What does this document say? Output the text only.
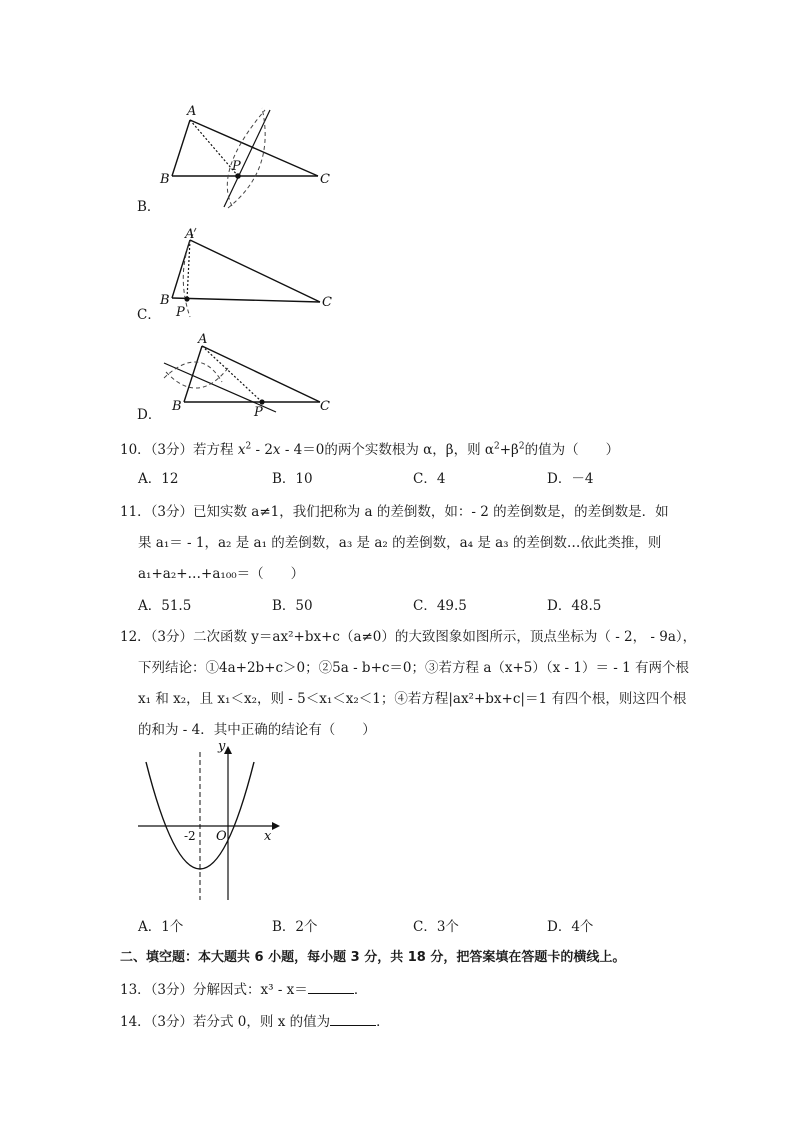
A
B	C
P
B．
A
B	C
P
C．
A
B	C
P
D．
10．（3分）若方程 $x^2 - 2x - 4=0$的两个实数根为 α，β，则 $\alpha^2+\beta^2$的值为（　　）
A．12	B．10	C．4	D．－4
11．（3分）已知实数 a≠1，我们把称为 a 的差倒数，如：- 2 的差倒数是，的差倒数是．如
果 a₁＝ - 1，a₂ 是 a₁ 的差倒数，a₃ 是 a₂ 的差倒数，a₄ 是 a₃ 的差倒数…依此类推，则
a₁+a₂+…+a₁₀₀＝（　　）
A．51.5	B．50	C．49.5	D．48.5
12．（3分）二次函数 y＝ax²+bx+c（a≠0）的大致图象如图所示，顶点坐标为（ - 2， - 9a），
下列结论：①4a+2b+c＞0；②5a - b+c＝0；③若方程 a（x+5）（x - 1）＝ - 1 有两个根
x₁ 和 x₂，且 x₁＜x₂，则 - 5＜x₁＜x₂＜1；④若方程|ax²+bx+c|＝1 有四个根，则这四个根
的和为 - 4．其中正确的结论有（　　）
y
x
O
-2
A．1个	B．2个	C．3个	D．4个
二、填空题：本大题共 6 小题，每小题 3 分，共 18 分，把答案填在答题卡的横线上。
13．（3分）分解因式：x³ - x＝	．
14．（3分）若分式 0，则 x 的值为	．
